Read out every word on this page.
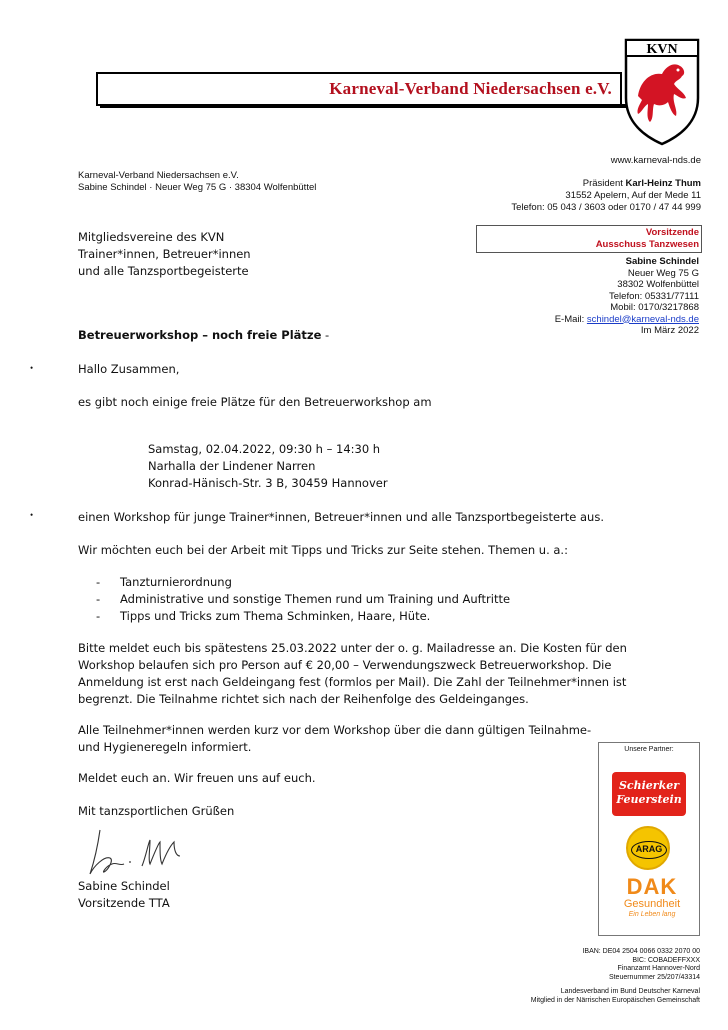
Karneval-Verband Niedersachsen e.V.
KVN
www.karneval-nds.de
Karneval-Verband Niedersachsen e.V.
Sabine Schindel · Neuer Weg 75 G · 38304 Wolfenbüttel	Präsident Karl-Heinz Thum
31552 Apelern, Auf der Mede 11
Telefon: 05 043 / 3603 oder 0170 / 47 44 999
Mitgliedsvereine des KVN
Trainer*innen, Betreuer*innen
und alle Tanzsportbegeisterte
Vorsitzende
Ausschuss Tanzwesen
Sabine Schindel
Neuer Weg 75 G
38302 Wolfenbüttel
Telefon: 05331/77111
Mobil: 0170/3217868
E-Mail: schindel@karneval-nds.de
Im März 2022
Betreuerworkshop – noch freie Plätze -
•	Hallo Zusammen,
es gibt noch einige freie Plätze für den Betreuerworkshop am
Samstag, 02.04.2022, 09:30 h – 14:30 h
Narhalla der Lindener Narren
Konrad-Hänisch-Str. 3 B, 30459 Hannover
•	einen Workshop für junge Trainer*innen, Betreuer*innen und alle Tanzsportbegeisterte aus.
Wir möchten euch bei der Arbeit mit Tipps und Tricks zur Seite stehen. Themen u. a.:
- Tanzturnierordnung
- Administrative und sonstige Themen rund um Training und Auftritte
- Tipps und Tricks zum Thema Schminken, Haare, Hüte.
Bitte meldet euch bis spätestens 25.03.2022 unter der o. g. Mailadresse an. Die Kosten für den
Workshop belaufen sich pro Person auf € 20,00 – Verwendungszweck Betreuerworkshop. Die
Anmeldung ist erst nach Geldeingang fest (formlos per Mail). Die Zahl der Teilnehmer*innen ist
begrenzt. Die Teilnahme richtet sich nach der Reihenfolge des Geldeinganges.
Alle Teilnehmer*innen werden kurz vor dem Workshop über die dann gültigen Teilnahme-
und Hygieneregeln informiert.
Meldet euch an. Wir freuen uns auf euch.
Mit tanzsportlichen Grüßen
Sabine Schindel
Vorsitzende TTA
Unsere Partner:
Schierker
Feuerstein
ARAG
DAK
Gesundheit
Ein Leben lang
IBAN: DE04 2504 0066 0332 2070 00
BIC: COBADEFFXXX
Finanzamt Hannover-Nord
Steuernummer 25/207/43314
Landesverband im Bund Deutscher Karneval
Mitglied in der Närrischen Europäischen Gemeinschaft
